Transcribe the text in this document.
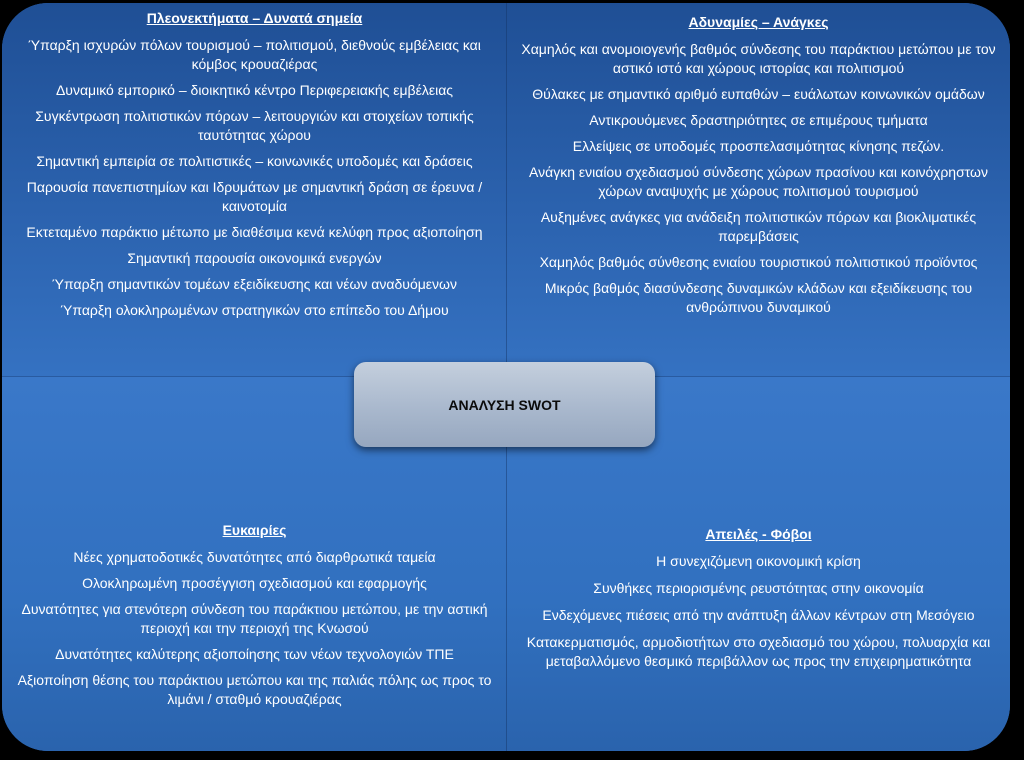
Πλεονεκτήματα – Δυνατά σημεία
Ύπαρξη ισχυρών πόλων τουρισμού – πολιτισμού, διεθνούς εμβέλειας και κόμβος κρουαζιέρας
Δυναμικό εμπορικό – διοικητικό κέντρο Περιφερειακής εμβέλειας
Συγκέντρωση πολιτιστικών πόρων – λειτουργιών και στοιχείων τοπικής ταυτότητας χώρου
Σημαντική εμπειρία σε πολιτιστικές – κοινωνικές υποδομές και δράσεις
Παρουσία πανεπιστημίων και Ιδρυμάτων με σημαντική δράση σε έρευνα / καινοτομία
Εκτεταμένο παράκτιο μέτωπο με διαθέσιμα κενά κελύφη προς αξιοποίηση
Σημαντική παρουσία οικονομικά ενεργών
Ύπαρξη σημαντικών τομέων εξειδίκευσης και νέων αναδυόμενων
Ύπαρξη ολοκληρωμένων στρατηγικών στο επίπεδο του Δήμου
Αδυναμίες – Ανάγκες
Χαμηλός και ανομοιογενής βαθμός σύνδεσης του παράκτιου μετώπου με τον αστικό ιστό και χώρους ιστορίας και πολιτισμού
Θύλακες με σημαντικό αριθμό ευπαθών – ευάλωτων κοινωνικών ομάδων
Αντικρουόμενες δραστηριότητες σε επιμέρους τμήματα
Ελλείψεις σε υποδομές προσπελασιμότητας κίνησης πεζών.
Ανάγκη ενιαίου σχεδιασμού σύνδεσης χώρων πρασίνου και κοινόχρηστων χώρων αναψυχής με χώρους πολιτισμού τουρισμού
Αυξημένες ανάγκες για ανάδειξη πολιτιστικών πόρων και βιοκλιματικές παρεμβάσεις
Χαμηλός βαθμός σύνθεσης ενιαίου τουριστικού πολιτιστικού προϊόντος
Μικρός βαθμός διασύνδεσης δυναμικών κλάδων και εξειδίκευσης του ανθρώπινου δυναμικού
Ευκαιρίες
Νέες χρηματοδοτικές δυνατότητες από διαρθρωτικά ταμεία
Ολοκληρωμένη προσέγγιση σχεδιασμού και εφαρμογής
Δυνατότητες για στενότερη σύνδεση του παράκτιου μετώπου, με την αστική περιοχή και την περιοχή της Κνωσού
Δυνατότητες καλύτερης αξιοποίησης των νέων τεχνολογιών ΤΠΕ
Αξιοποίηση θέσης του παράκτιου μετώπου και της παλιάς πόλης ως προς το λιμάνι / σταθμό κρουαζιέρας
Απειλές - Φόβοι
Η συνεχιζόμενη οικονομική κρίση
Συνθήκες περιορισμένης ρευστότητας στην οικονομία
Ενδεχόμενες πιέσεις από την ανάπτυξη άλλων κέντρων στη Μεσόγειο
Κατακερματισμός, αρμοδιοτήτων στο σχεδιασμό του χώρου, πολυαρχία και μεταβαλλόμενο θεσμικό περιβάλλον ως προς την επιχειρηματικότητα
ΑΝΑΛΥΣΗ SWOT
